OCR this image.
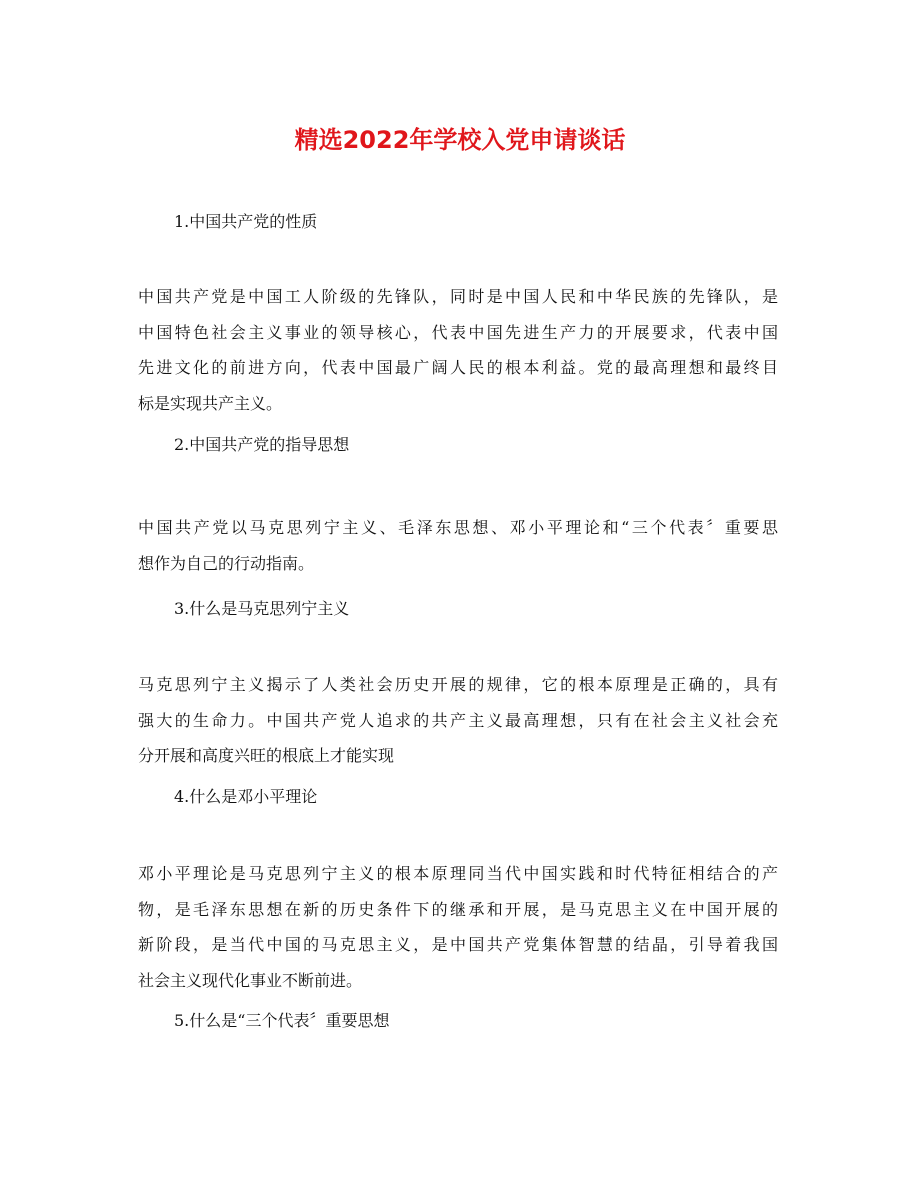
精选2022年学校入党申请谈话
1.中国共产党的性质
中国共产党是中国工人阶级的先锋队，同时是中国人民和中华民族的先锋队，是
中国特色社会主义事业的领导核心，代表中国先进生产力的开展要求，代表中国
先进文化的前进方向，代表中国最广阔人民的根本利益。党的最高理想和最终目
标是实现共产主义。
2.中国共产党的指导思想
中国共产党以马克思列宁主义、毛泽东思想、邓小平理论和“三个代表〞重要思
想作为自己的行动指南。
3.什么是马克思列宁主义
马克思列宁主义揭示了人类社会历史开展的规律，它的根本原理是正确的，具有
强大的生命力。中国共产党人追求的共产主义最高理想，只有在社会主义社会充
分开展和高度兴旺的根底上才能实现
4.什么是邓小平理论
邓小平理论是马克思列宁主义的根本原理同当代中国实践和时代特征相结合的产
物，是毛泽东思想在新的历史条件下的继承和开展，是马克思主义在中国开展的
新阶段，是当代中国的马克思主义，是中国共产党集体智慧的结晶，引导着我国
社会主义现代化事业不断前进。
5.什么是“三个代表〞重要思想
